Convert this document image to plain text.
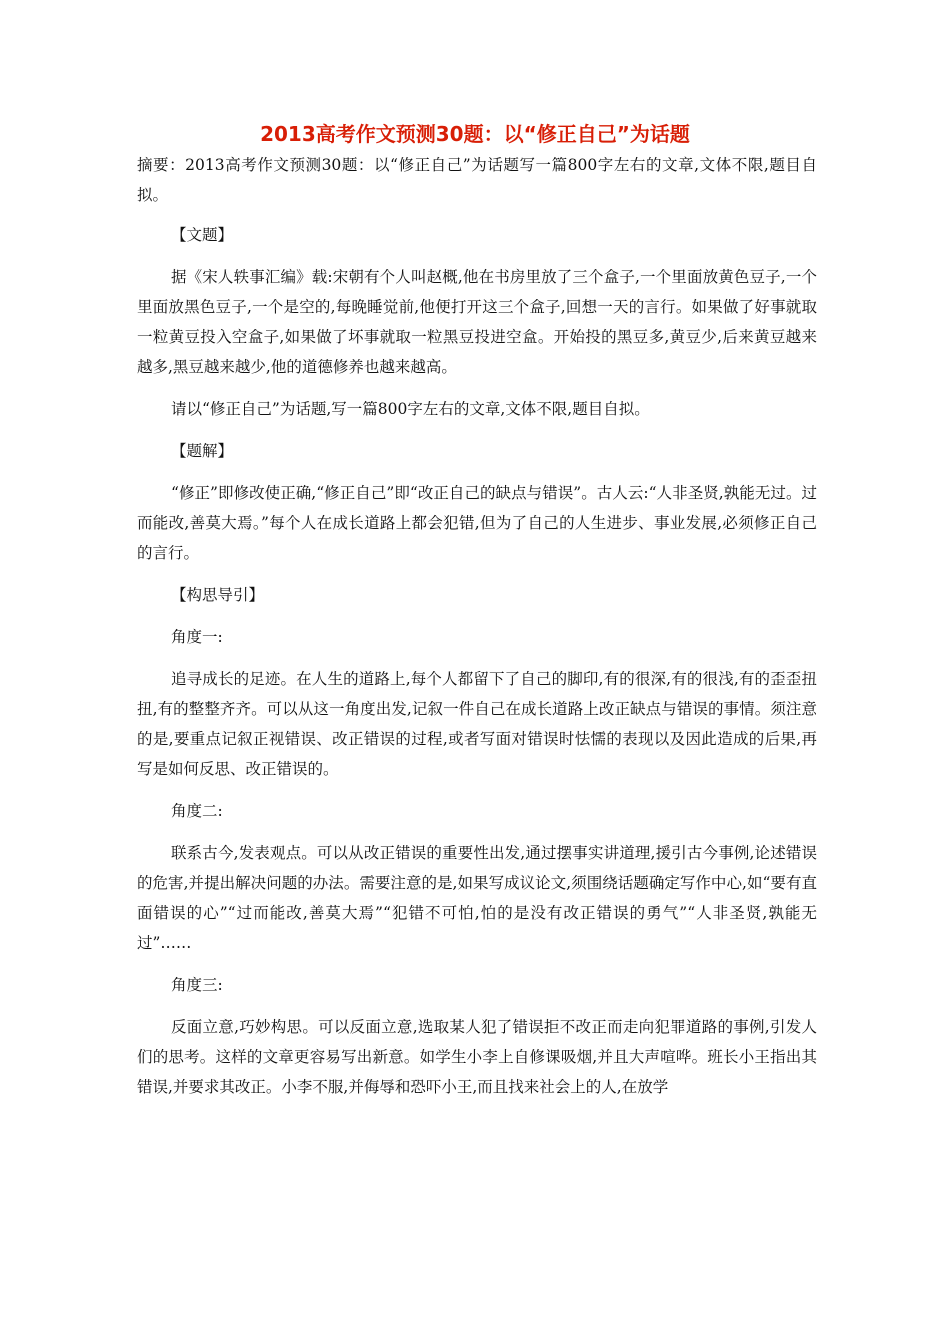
2013高考作文预测30题：以“修正自己”为话题

摘要：2013高考作文预测30题：以“修正自己”为话题写一篇800字左右的文章,文体不限,题目自拟。

【文题】

据《宋人轶事汇编》载:宋朝有个人叫赵概,他在书房里放了三个盒子,一个里面放黄色豆子,一个里面放黑色豆子,一个是空的,每晚睡觉前,他便打开这三个盒子,回想一天的言行。如果做了好事就取一粒黄豆投入空盒子,如果做了坏事就取一粒黑豆投进空盒。开始投的黑豆多,黄豆少,后来黄豆越来越多,黑豆越来越少,他的道德修养也越来越高。

请以“修正自己”为话题,写一篇800字左右的文章,文体不限,题目自拟。

【题解】

“修正”即修改使正确,“修正自己”即“改正自己的缺点与错误”。古人云:“人非圣贤,孰能无过。过而能改,善莫大焉。”每个人在成长道路上都会犯错,但为了自己的人生进步、事业发展,必须修正自己的言行。

【构思导引】

角度一:

追寻成长的足迹。在人生的道路上,每个人都留下了自己的脚印,有的很深,有的很浅,有的歪歪扭扭,有的整整齐齐。可以从这一角度出发,记叙一件自己在成长道路上改正缺点与错误的事情。须注意的是,要重点记叙正视错误、改正错误的过程,或者写面对错误时怯懦的表现以及因此造成的后果,再写是如何反思、改正错误的。

角度二:

联系古今,发表观点。可以从改正错误的重要性出发,通过摆事实讲道理,援引古今事例,论述错误的危害,并提出解决问题的办法。需要注意的是,如果写成议论文,须围绕话题确定写作中心,如“要有直面错误的心”“过而能改,善莫大焉”“犯错不可怕,怕的是没有改正错误的勇气”“人非圣贤,孰能无过”……

角度三:

反面立意,巧妙构思。可以反面立意,选取某人犯了错误拒不改正而走向犯罪道路的事例,引发人们的思考。这样的文章更容易写出新意。如学生小李上自修课吸烟,并且大声喧哗。班长小王指出其错误,并要求其改正。小李不服,并侮辱和恐吓小王,而且找来社会上的人,在放学
